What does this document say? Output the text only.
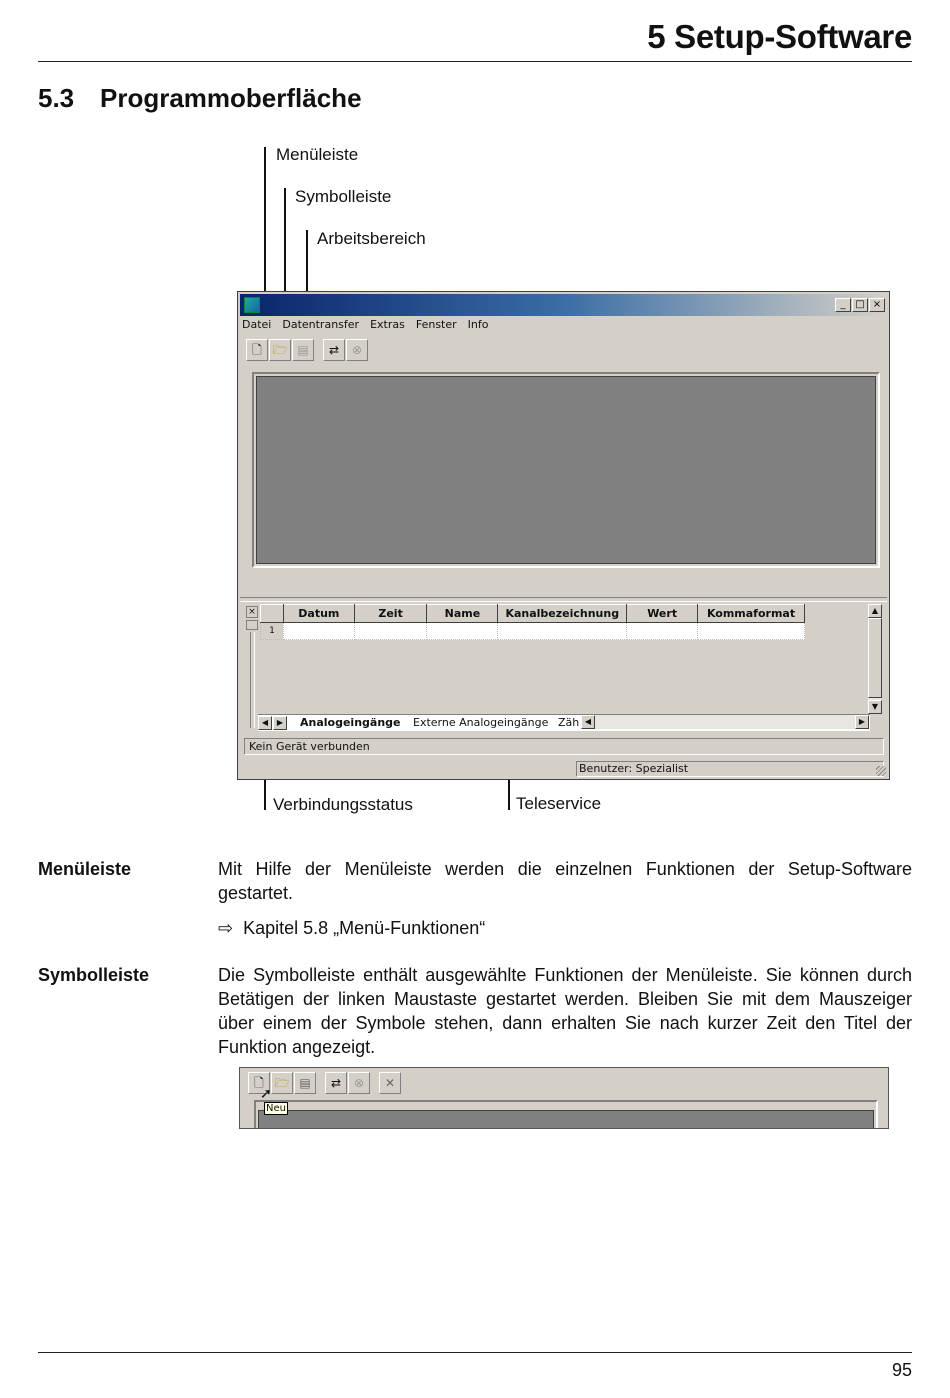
5 Setup-Software
5.3 Programmoberfläche
Menüleiste
Symbolleiste
Arbeitsbereich
_ □ ×
Datei Datentransfer Extras Fenster Info
🗋 🗁 ▤ ⇄ ⊗
×
		Datum	Zeit	Name	Kanalbezeichnung	Wert	Kommaformat
1						
▲
▼
◀	▶	Analogeingänge Externe Analogeingänge Zäh ◀	▶
Kein Gerät verbunden
Benutzer: Spezialist
Verbindungsstatus	Teleservice
Menüleiste	Mit Hilfe der Menüleiste werden die einzelnen Funktionen der Setup-Software gestartet.
⇨ Kapitel 5.8 „Menü-Funktionen“
Symbolleiste	Die Symbolleiste enthält ausgewählte Funktionen der Menüleiste. Sie können durch Betätigen der linken Maustaste gestartet werden. Bleiben Sie mit dem Mauszeiger über einem der Symbole stehen, dann erhalten Sie nach kurzer Zeit den Titel der Funktion angezeigt.
🗋 🗁 ▤ ⇄ ⊗ ✕
➚
Neu
95
